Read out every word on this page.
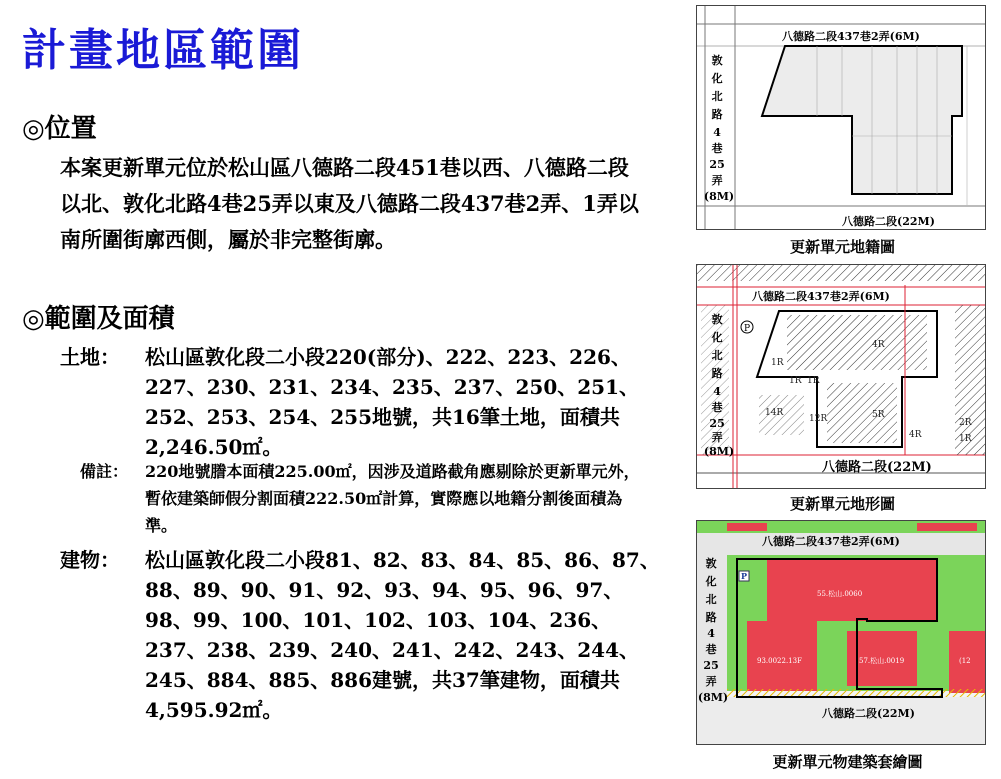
計畫地區範圍
◎位置
本案更新單元位於松山區八德路二段451巷以西、八德路二段以北、敦化北路4巷25弄以東及八德路二段437巷2弄、1弄以南所圍街廓西側，屬於非完整街廓。
◎範圍及面積
土地：	松山區敦化段二小段220(部分)、222、223、226、227、230、231、234、235、237、250、251、252、253、254、255地號，共16筆土地，面積共2,246.50㎡。
備註：	220地號謄本面積225.00㎡，因涉及道路截角應剔除於更新單元外，暫依建築師假分割面積222.50㎡計算，實際應以地籍分割後面積為準。
建物：	松山區敦化段二小段81、82、83、84、85、86、87、88、89、90、91、92、93、94、95、96、97、98、99、100、101、102、103、104、236、237、238、239、240、241、242、243、244、245、884、885、886建號，共37筆建物，面積共4,595.92㎡。
八德路二段437巷2弄(6M)
敦 化 北 路 4 巷 25 弄 (8M)
八德路二段(22M)
更新單元地籍圖
P
八德路二段437巷2弄(6M)
敦 化 北 路 4 巷 25 弄 (8M)
八德路二段(22M)
4R
1R
1R 1R
14R
12R	5R
4R
2R
1R
更新單元地形圖
P
八德路二段437巷2弄(6M)
敦 化 北 路 4 巷 25 弄 (8M)
八德路二段(22M)
55.松山.0060
93.0022.13F	57.松山.0019	(12
更新單元物建築套繪圖
